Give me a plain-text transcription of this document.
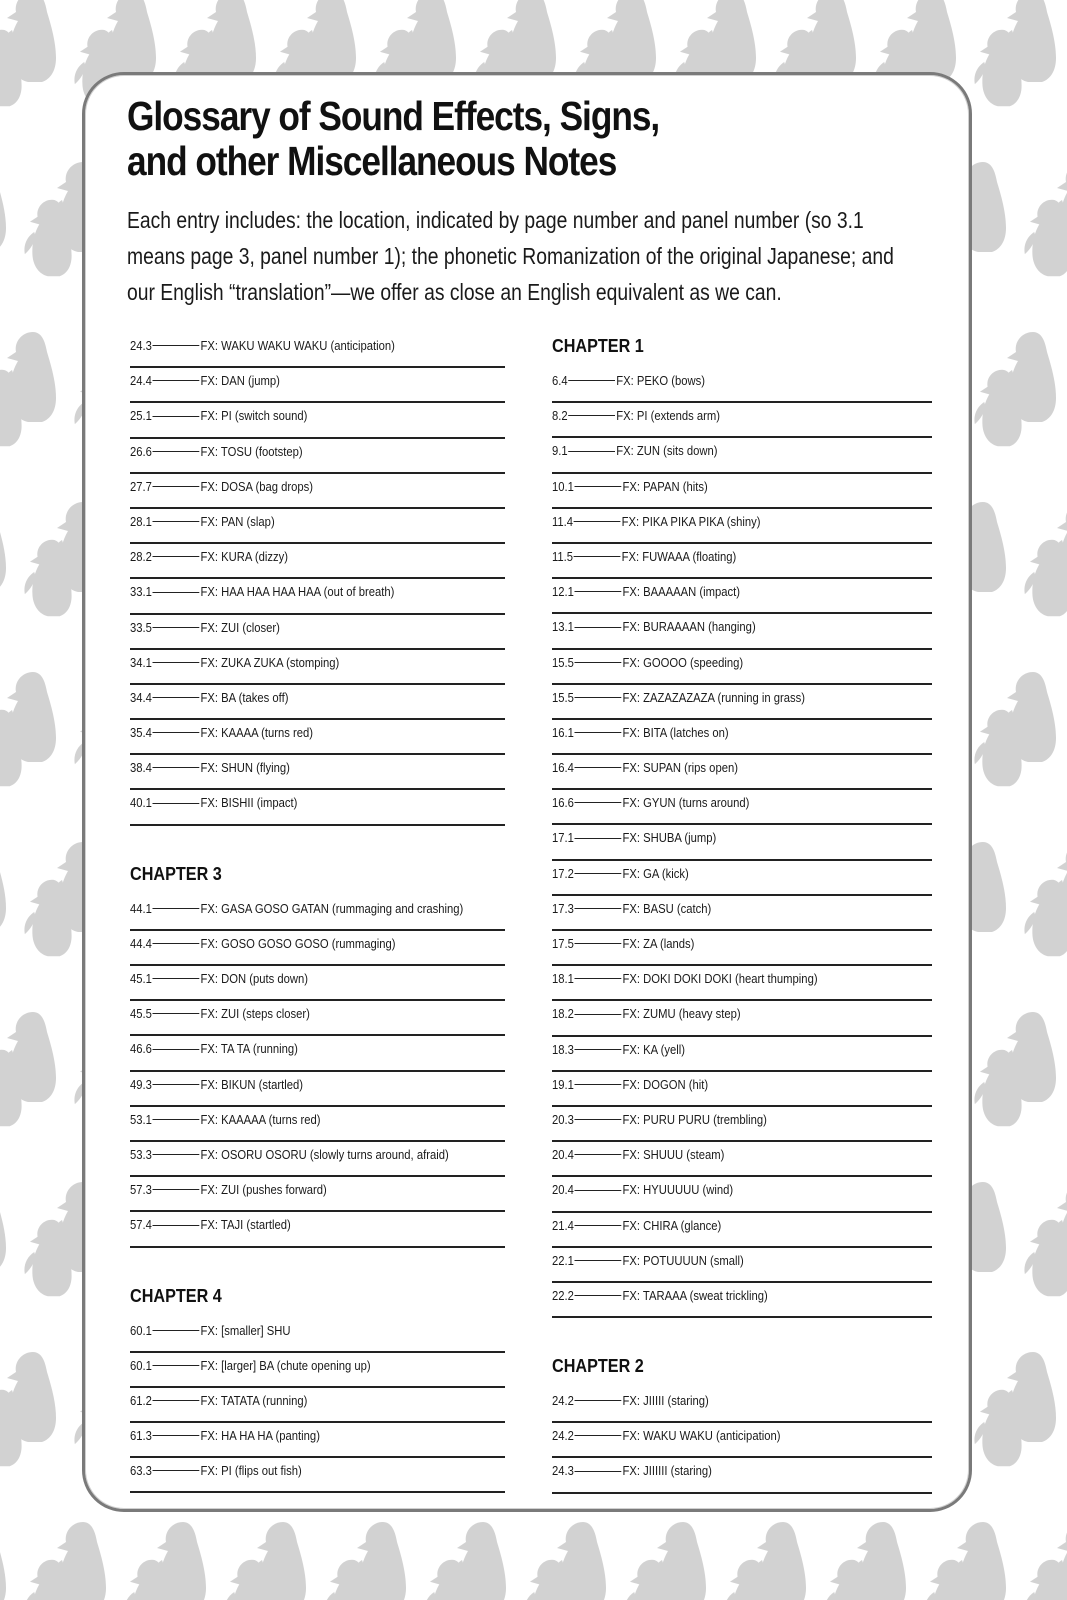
Glossary of Sound Effects, Signs,
and other Miscellaneous Notes

Each entry includes: the location, indicated by page number and panel number (so 3.1 means page 3, panel number 1); the phonetic Romanization of the original Japanese; and our English “translation”—we offer as close an English equivalent as we can.

24.3	FX: WAKU WAKU WAKU (anticipation)
24.4	FX: DAN (jump)
25.1	FX: PI (switch sound)
26.6	FX: TOSU (footstep)
27.7	FX: DOSA (bag drops)
28.1	FX: PAN (slap)
28.2	FX: KURA (dizzy)
33.1	FX: HAA HAA HAA HAA (out of breath)
33.5	FX: ZUI (closer)
34.1	FX: ZUKA ZUKA (stomping)
34.4	FX: BA (takes off)
35.4	FX: KAAAA (turns red)
38.4	FX: SHUN (flying)
40.1	FX: BISHII (impact)
CHAPTER 3
44.1	FX: GASA GOSO GATAN (rummaging and crashing)
44.4	FX: GOSO GOSO GOSO (rummaging)
45.1	FX: DON (puts down)
45.5	FX: ZUI (steps closer)
46.6	FX: TA TA (running)
49.3	FX: BIKUN (startled)
53.1	FX: KAAAAA (turns red)
53.3	FX: OSORU OSORU (slowly turns around, afraid)
57.3	FX: ZUI (pushes forward)
57.4	FX: TAJI (startled)
CHAPTER 4
60.1	FX: [smaller] SHU
60.1	FX: [larger] BA (chute opening up)
61.2	FX: TATATA (running)
61.3	FX: HA HA HA (panting)
63.3	FX: PI (flips out fish)
CHAPTER 1
6.4	FX: PEKO (bows)
8.2	FX: PI (extends arm)
9.1	FX: ZUN (sits down)
10.1	FX: PAPAN (hits)
11.4	FX: PIKA PIKA PIKA (shiny)
11.5	FX: FUWAAA (floating)
12.1	FX: BAAAAAN (impact)
13.1	FX: BURAAAAN (hanging)
15.5	FX: GOOOO (speeding)
15.5	FX: ZAZAZAZAZA (running in grass)
16.1	FX: BITA (latches on)
16.4	FX: SUPAN (rips open)
16.6	FX: GYUN (turns around)
17.1	FX: SHUBA (jump)
17.2	FX: GA (kick)
17.3	FX: BASU (catch)
17.5	FX: ZA (lands)
18.1	FX: DOKI DOKI DOKI (heart thumping)
18.2	FX: ZUMU (heavy step)
18.3	FX: KA (yell)
19.1	FX: DOGON (hit)
20.3	FX: PURU PURU (trembling)
20.4	FX: SHUUU (steam)
20.4	FX: HYUUUUU (wind)
21.4	FX: CHIRA (glance)
22.1	FX: POTUUUUN (small)
22.2	FX: TARAAA (sweat trickling)
CHAPTER 2
24.2	FX: JIIIII (staring)
24.2	FX: WAKU WAKU (anticipation)
24.3	FX: JIIIIII (staring)
